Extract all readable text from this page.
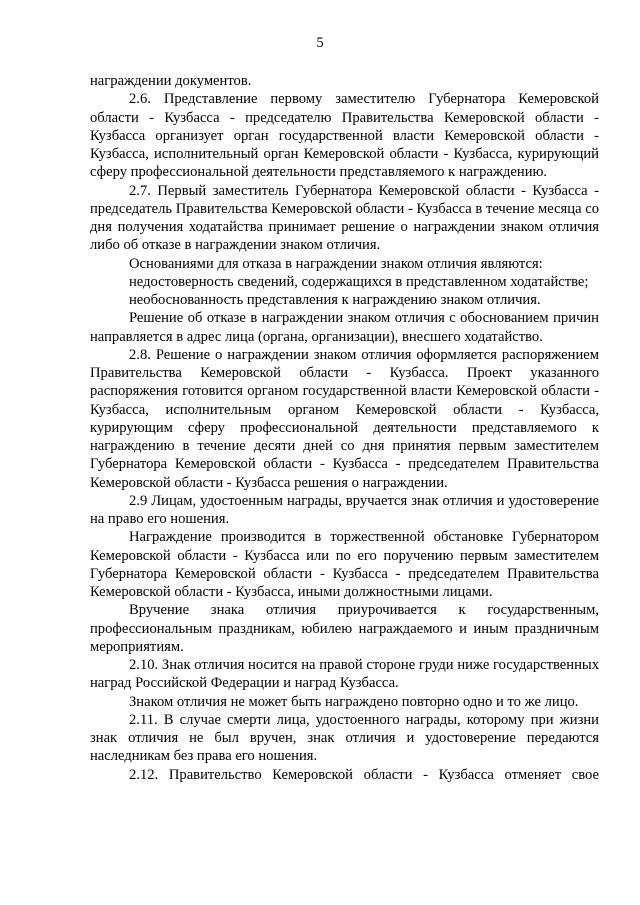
5

награждении документов.

2.6. Представление первому заместителю Губернатора Кемеровской области - Кузбасса - председателю Правительства Кемеровской области - Кузбасса организует орган государственной власти Кемеровской области - Кузбасса, исполнительный орган Кемеровской области - Кузбасса, курирующий сферу профессиональной деятельности представляемого к награждению.

2.7. Первый заместитель Губернатора Кемеровской области - Кузбасса - председатель Правительства Кемеровской области - Кузбасса в течение месяца со дня получения ходатайства принимает решение о награждении знаком отличия либо об отказе в награждении знаком отличия.

Основаниями для отказа в награждении знаком отличия являются:

недостоверность сведений, содержащихся в представленном ходатайстве;

необоснованность представления к награждению знаком отличия.

Решение об отказе в награждении знаком отличия с обоснованием причин направляется в адрес лица (органа, организации), внесшего ходатайство.

2.8. Решение о награждении знаком отличия оформляется распоряжением Правительства Кемеровской области - Кузбасса. Проект указанного распоряжения готовится органом государственной власти Кемеровской области - Кузбасса, исполнительным органом Кемеровской области - Кузбасса, курирующим сферу профессиональной деятельности представляемого к награждению в течение десяти дней со дня принятия первым заместителем Губернатора Кемеровской области - Кузбасса - председателем Правительства Кемеровской области - Кузбасса решения о награждении.

2.9 Лицам, удостоенным награды, вручается знак отличия и удостоверение на право его ношения.

Награждение производится в торжественной обстановке Губернатором Кемеровской области - Кузбасса или по его поручению первым заместителем Губернатора Кемеровской области - Кузбасса - председателем Правительства Кемеровской области - Кузбасса, иными должностными лицами.

Вручение знака отличия приурочивается к государственным, профессиональным праздникам, юбилею награждаемого и иным праздничным мероприятиям.

2.10. Знак отличия носится на правой стороне груди ниже государственных наград Российской Федерации и наград Кузбасса.

Знаком отличия не может быть награждено повторно одно и то же лицо.

2.11. В случае смерти лица, удостоенного награды, которому при жизни знак отличия не был вручен, знак отличия и удостоверение передаются наследникам без права его ношения.

2.12. Правительство Кемеровской области - Кузбасса отменяет свое
